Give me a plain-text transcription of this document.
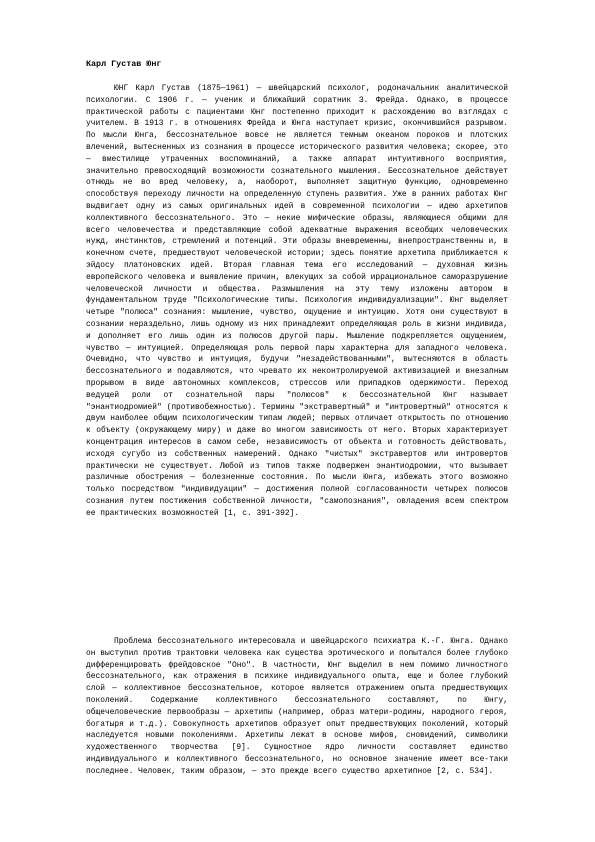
Карл Густав Юнг

ЮНГ Карл Густав (1875—1961) — швейцарский психолог, родоначальник аналитической психологии. С 1906 г. — ученик и ближайший соратник З. Фрейда. Однако, в процессе практической работы с пациентами Юнг постепенно приходит к расхождению во взглядах с учителем. В 1913 г. в отношениях Фрейда и Юнга наступает кризис, окончившийся разрывом. По мысли Юнга, бессознательное вовсе не является темным океаном пороков и плотских влечений, вытесненных из сознания в процессе исторического развития человека; скорее, это — вместилище утраченных воспоминаний, а также аппарат интуитивного восприятия, значительно превосходящий возможности сознательного мышления. Бессознательное действует отнюдь не во вред человеку, а, наоборот, выполняет защитную функцию, одновременно способствуя переходу личности на определенную ступень развития. Уже в ранних работах Юнг выдвигает одну из самых оригинальных идей в современной психологии — идею архетипов коллективного бессознательного. Это — некие мифические образы, являющиеся общими для всего человечества и представляющие собой адекватные выражения всеобщих человеческих нужд, инстинктов, стремлений и потенций. Эти образы вневременны, внепространственны и, в конечном счете, предшествуют человеческой истории; здесь понятие архетипа приближается к эйдосу платоновских идей. Вторая главная тема его исследований — духовная жизнь европейского человека и выявление причин, влекущих за собой иррациональное саморазрушение человеческой личности и общества. Размышления на эту тему изложены автором в фундаментальном труде "Психологические типы. Психология индивидуализации". Юнг выделяет четыре "полюса" сознания: мышление, чувство, ощущение и интуицию. Хотя они существуют в сознании нераздельно, лишь одному из них принадлежит определяющая роль в жизни индивида, и дополняет его лишь один из полюсов другой пары. Мышление подкрепляется ощущением, чувство — интуицией. Определяющая роль первой пары характерна для западного человека. Очевидно, что чувство и интуиция, будучи "незадействованными", вытесняются в область бессознательного и подавляются, что чревато их неконтролируемой активизацией и внезапным прорывом в виде автономных комплексов, стрессов или припадков одержимости. Переход ведущей роли от сознательной пары "полюсов" к бессознательной Юнг называет "энантиодромией" (противобежностью). Термины "экстравертный" и "интровертный" относятся к двум наиболее общим психологическим типам людей; первых отличает открытость по отношению к объекту (окружающему миру) и даже во многом зависимость от него. Вторых характеризует концентрация интересов в самом себе, независимость от объекта и готовность действовать, исходя сугубо из собственных намерений. Однако "чистых" экстравертов или интровертов практически не существует. Любой из типов также подвержен энантиодромии, что вызывает различные обострения — болезненные состояния. По мысли Юнга, избежать этого возможно только посредством "индивидуации" — достижения полной согласованности четырех полюсов сознания путем постижения собственной личности, "самопознания", овладения всем спектром ее практических возможностей [1, с. 391-392].

Проблема бессознательного интересовала и швейцарского психиатра К.-Г. Юнга. Однако он выступил против трактовки человека как существа эротического и попытался более глубоко дифференцировать фрейдовское "Оно". В частности, Юнг выделил в нем помимо личностного бессознательного, как отражения в психике индивидуального опыта, еще и более глубокий слой — коллективное бессознательное, которое является отражением опыта предшествующих поколений. Содержание коллективного бессознательного составляют, по Юнгу, общечеловеческие первообразы — архетипы (например, образ матери-родины, народного героя, богатыря и т.д.). Совокупность архетипов образует опыт предшествующих поколений, который наследуется новыми поколениями. Архетипы лежат в основе мифов, сновидений, символики художественного творчества [9]. Сущностное ядро личности составляет единство индивидуального и коллективного бессознательного, но основное значение имеет все-таки последнее. Человек, таким образом, — это прежде всего существо архетипное [2, с. 534].
